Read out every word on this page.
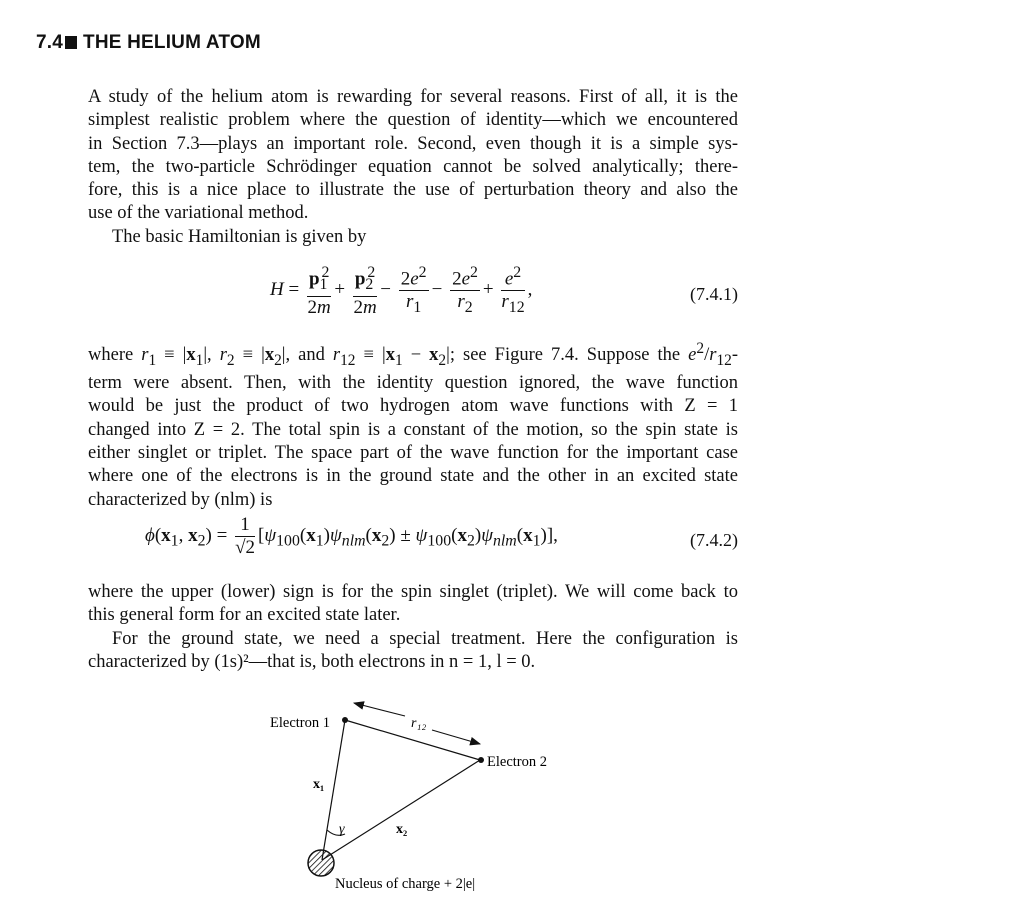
7.4 THE HELIUM ATOM
A study of the helium atom is rewarding for several reasons. First of all, it is the
simplest realistic problem where the question of identity—which we encountered
in Section 7.3—plays an important role. Second, even though it is a simple sys-
tem, the two-particle Schrödinger equation cannot be solved analytically; there-
fore, this is a nice place to illustrate the use of perturbation theory and also the
use of the variational method.
The basic Hamiltonian is given by
$H = \frac{p_1^2}{2m} + \frac{p_2^2}{2m} - \frac{2e^2}{r_1} - \frac{2e^2}{r_2} + \frac{e^2}{r_{12}}$ ,	(7.4.1)
where $r_1 \equiv |x_1|$, $r_2 \equiv |x_2|$, and $r_{12} \equiv |x_1 - x_2|$; see Figure 7.4. Suppose the $e^2/r_{12}-$
term were absent. Then, with the identity question ignored, the wave function
would be just the product of two hydrogen atom wave functions with Z = 1
changed into Z = 2. The total spin is a constant of the motion, so the spin state is
either singlet or triplet. The space part of the wave function for the important case
where one of the electrons is in the ground state and the other in an excited state
characterized by (nlm) is
$\phi(x_1$, $x_2) = \frac{1}{√2} [\psi_{100}(x_1)\psi_{nlm}(x_2) \pm \psi_{100}(x_2)\psi_{nlm}(x_1)]$,	(7.4.2)
where the upper (lower) sign is for the spin singlet (triplet). We will come back to
this general form for an excited state later.
For the ground state, we need a special treatment. Here the configuration is
characterized by (1s)²—that is, both electrons in n = 1, l = 0.
Electron 1
Electron 2
r₁₂
x₁
x₂
γ
Nucleus of charge + 2|e|
